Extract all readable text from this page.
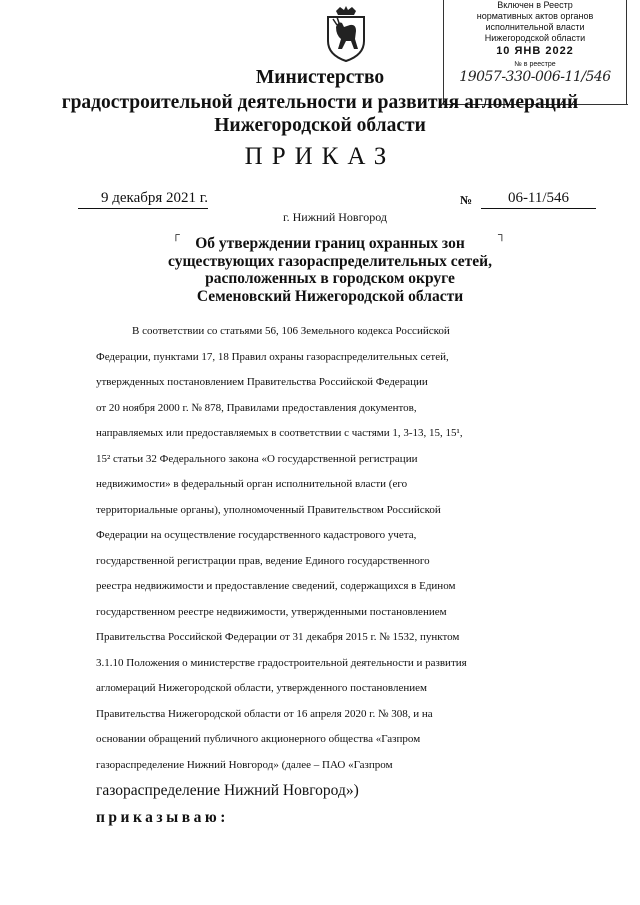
Включен в Реестр
нормативных актов органов
исполнительной власти
Нижегородской области
10 ЯНВ 2022
№ в реестре
19057-330-006-11/546
Министерство
градостроительной деятельности и развития агломераций
Нижегородской области
ПРИКАЗ
9 декабря 2021 г.	№	06-11/546
г. Нижний Новгород
┌	┐
Об утверждении границ охранных зон
существующих газораспределительных сетей,
расположенных в городском округе
Семеновский Нижегородской области
В соответствии со статьями 56, 106 Земельного кодекса Российской
Федерации, пунктами 17, 18 Правил охраны газораспределительных сетей,
утвержденных постановлением Правительства Российской Федерации
от 20 ноября 2000 г. № 878, Правилами предоставления документов,
направляемых или предоставляемых в соответствии с частями 1, 3-13, 15, 15¹,
15² статьи 32 Федерального закона «О государственной регистрации
недвижимости» в федеральный орган исполнительной власти (его
территориальные органы), уполномоченный Правительством Российской
Федерации на осуществление государственного кадастрового учета,
государственной регистрации прав, ведение Единого государственного
реестра недвижимости и предоставление сведений, содержащихся в Едином
государственном реестре недвижимости, утвержденными постановлением
Правительства Российской Федерации от 31 декабря 2015 г. № 1532, пунктом
3.1.10 Положения о министерстве градостроительной деятельности и развития
агломераций Нижегородской области, утвержденного постановлением
Правительства Нижегородской области от 16 апреля 2020 г. № 308, и на
основании обращений публичного акционерного общества «Газпром
газораспределение Нижний Новгород» (далее – ПАО «Газпром
газораспределение Нижний Новгород»)
приказываю:
